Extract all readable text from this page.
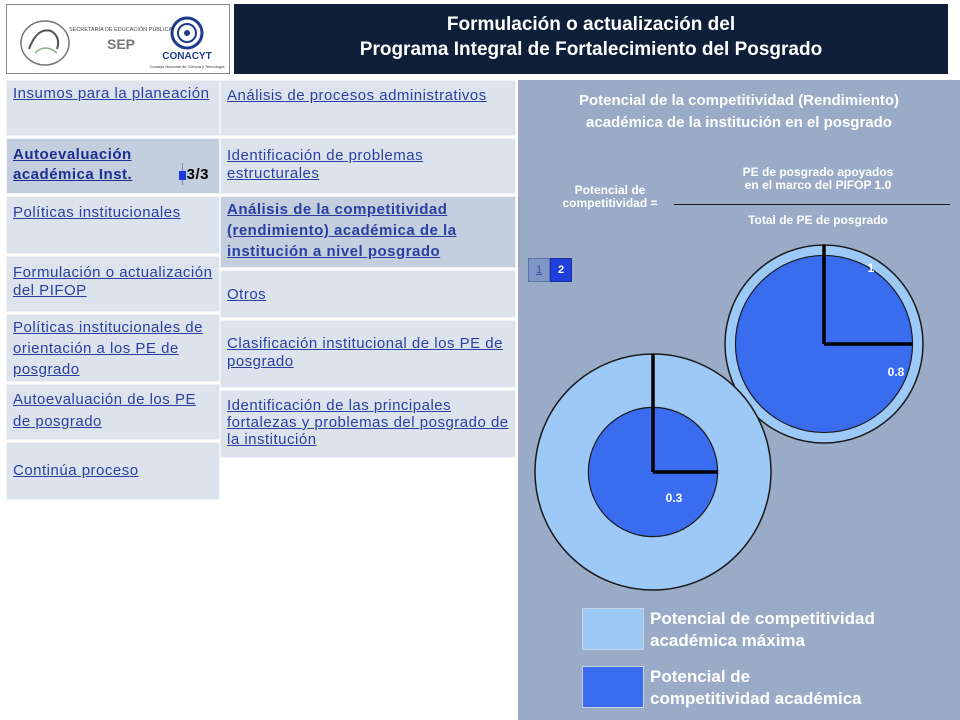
SECRETARÍA DE EDUCACIÓN PÚBLICA
SEP
CONACYT
Consejo Nacional de Ciencia y Tecnología
Formulación o actualización del
Programa Integral de Fortalecimiento del Posgrado
Insumos para la planeación
Autoevaluación académica Inst.	3/3
Políticas institucionales
Formulación o actualización del PIFOP
Políticas institucionales de orientación a los PE de posgrado
Autoevaluación de los PE de posgrado
Continúa proceso
Análisis de procesos administrativos
Identificación de problemas estructurales
Análisis de la competitividad (rendimiento) académica de la institución a nivel posgrado
Otros
Clasificación institucional de los PE de posgrado
Identificación de las principales fortalezas y problemas del posgrado de la institución
Potencial de la competitividad (Rendimiento)
académica de la institución en el posgrado
Potencial de
competitividad =
PE de posgrado apoyados
en el marco del PIFOP 1.0
Total de PE de posgrado
1	2
0.8
1
0.3
Potencial de competitividad
académica máxima
Potencial de
competitividad académica
